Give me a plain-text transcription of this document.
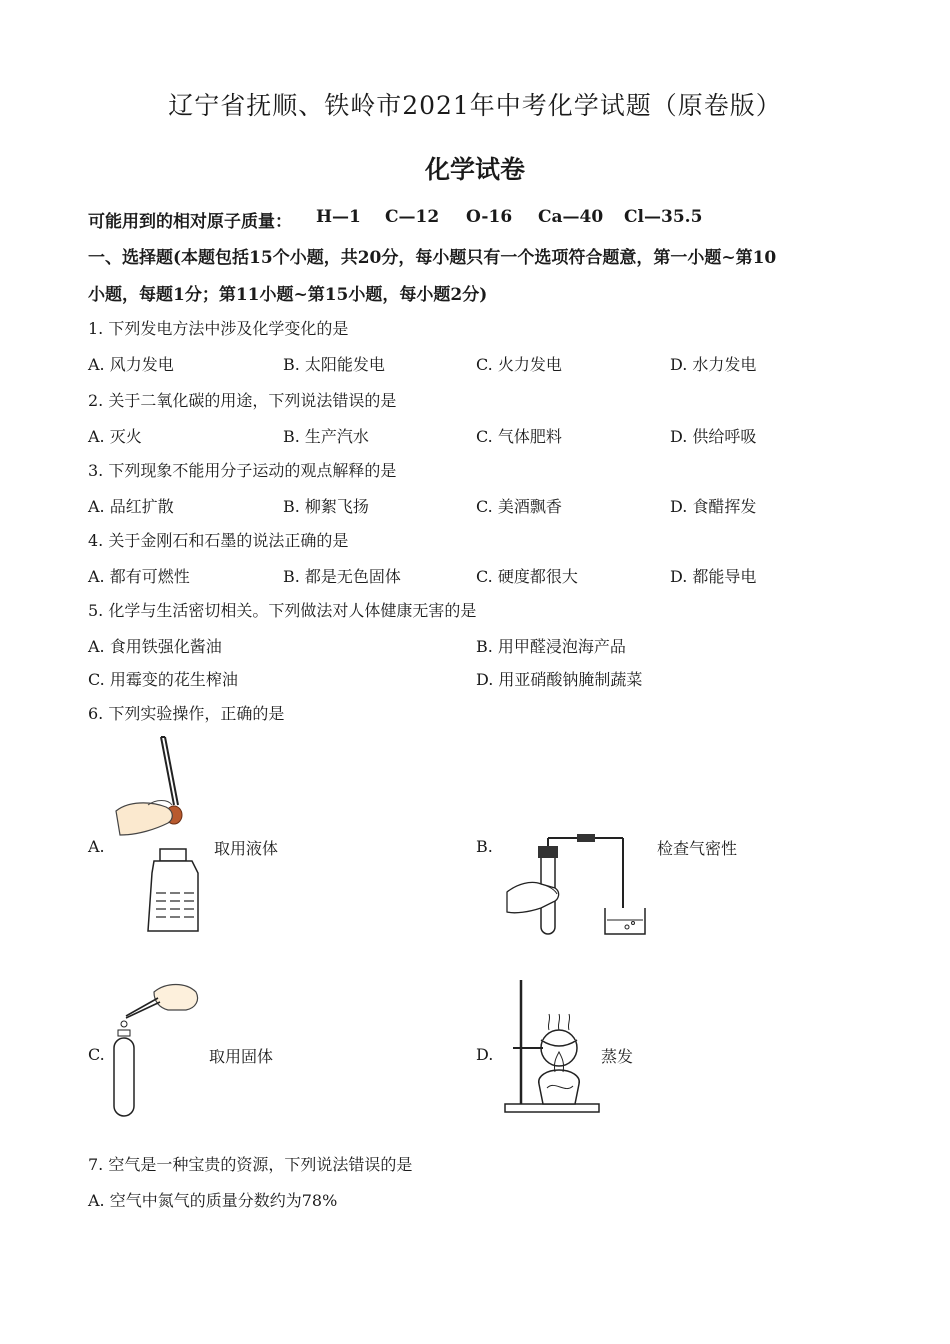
辽宁省抚顺、铁岭市2021年中考化学试题（原卷版）
化学试卷
可能用到的相对原子质量： H—1 C—12 O-16 Ca—40 Cl—35.5
一、选择题(本题包括15个小题，共20分，每小题只有一个选项符合题意，第一小题~第10
小题，每题1分；第11小题~第15小题，每小题2分)
1. 下列发电方法中涉及化学变化的是
A. 风力发电	B. 太阳能发电	C. 火力发电	D. 水力发电
2. 关于二氧化碳的用途，下列说法错误的是
A. 灭火	B. 生产汽水	C. 气体肥料	D. 供给呼吸
3. 下列现象不能用分子运动的观点解释的是
A. 品红扩散	B. 柳絮飞扬	C. 美酒飘香	D. 食醋挥发
4. 关于金刚石和石墨的说法正确的是
A. 都有可燃性	B. 都是无色固体	C. 硬度都很大	D. 都能导电
5. 化学与生活密切相关。下列做法对人体健康无害的是
A. 食用铁强化酱油	B. 用甲醛浸泡海产品
C. 用霉变的花生榨油	D. 用亚硝酸钠腌制蔬菜
6. 下列实验操作，正确的是
A.	取用液体	B.	检查气密性
C.	取用固体	D.	蒸发
7. 空气是一种宝贵的资源，下列说法错误的是
A. 空气中氮气的质量分数约为78%
